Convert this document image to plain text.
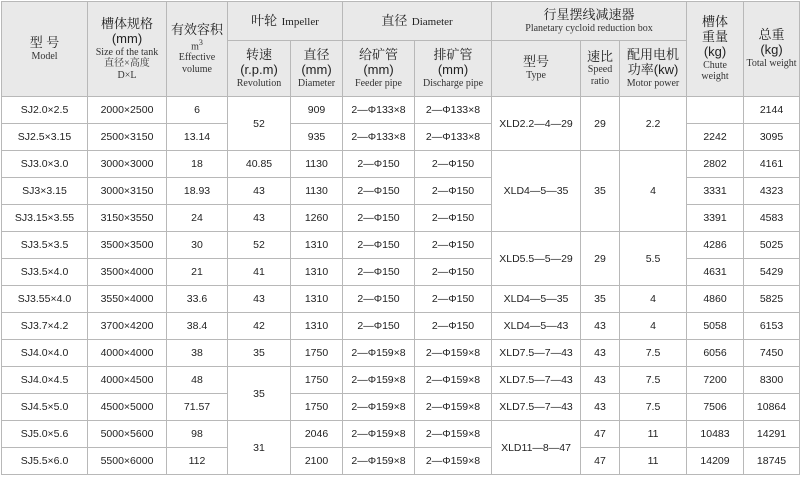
型 号
Model	槽体规格
(mm)
Size of the tank
直径×高度
D×L	有效容积
$m^3$
Effective
volume	叶轮 Impeller		直径 Diameter		行星摆线减速器
Planetary cycloid reduction box			槽体
重量
(kg)
Chute
weight	总重
(kg)
Total weight

			转速
(r.p.m)
Revolution	直径
(mm)
Diameter	给矿管
(mm)
Feeder pipe	排矿管
(mm)
Discharge pipe	型号
Type	速比
Speed
ratio	配用电机
功率(kw)
Motor power		

SJ2.0×2.5	2000×2500	6	52	909	2—Φ133×8	2—Φ133×8	XLD2.2—4—29	29	2.2		2144
SJ2.5×3.15	2500×3150	13.14		935	2—Φ133×8	2—Φ133×8				2242	3095
SJ3.0×3.0	3000×3000	18	40.85	1130	2—Φ150	2—Φ150	XLD4—5—35	35	4	2802	4161
SJ3×3.15	3000×3150	18.93	43	1130	2—Φ150	2—Φ150				3331	4323
SJ3.15×3.55	3150×3550	24	43	1260	2—Φ150	2—Φ150				3391	4583
SJ3.5×3.5	3500×3500	30	52	1310	2—Φ150	2—Φ150	XLD5.5—5—29	29	5.5	4286	5025
SJ3.5×4.0	3500×4000	21	41	1310	2—Φ150	2—Φ150				4631	5429
SJ3.55×4.0	3550×4000	33.6	43	1310	2—Φ150	2—Φ150	XLD4—5—35	35	4	4860	5825
SJ3.7×4.2	3700×4200	38.4	42	1310	2—Φ150	2—Φ150	XLD4—5—43	43	4	5058	6153
SJ4.0×4.0	4000×4000	38	35	1750	2—Φ159×8	2—Φ159×8	XLD7.5—7—43	43	7.5	6056	7450
SJ4.0×4.5	4000×4500	48	35	1750	2—Φ159×8	2—Φ159×8	XLD7.5—7—43	43	7.5	7200	8300
SJ4.5×5.0	4500×5000	71.57		1750	2—Φ159×8	2—Φ159×8	XLD7.5—7—43	43	7.5	7506	10864
SJ5.0×5.6	5000×5600	98	31	2046	2—Φ159×8	2—Φ159×8	XLD11—8—47	47	11	10483	14291
SJ5.5×6.0	5500×6000	112		2100	2—Φ159×8	2—Φ159×8		47	11	14209	18745
